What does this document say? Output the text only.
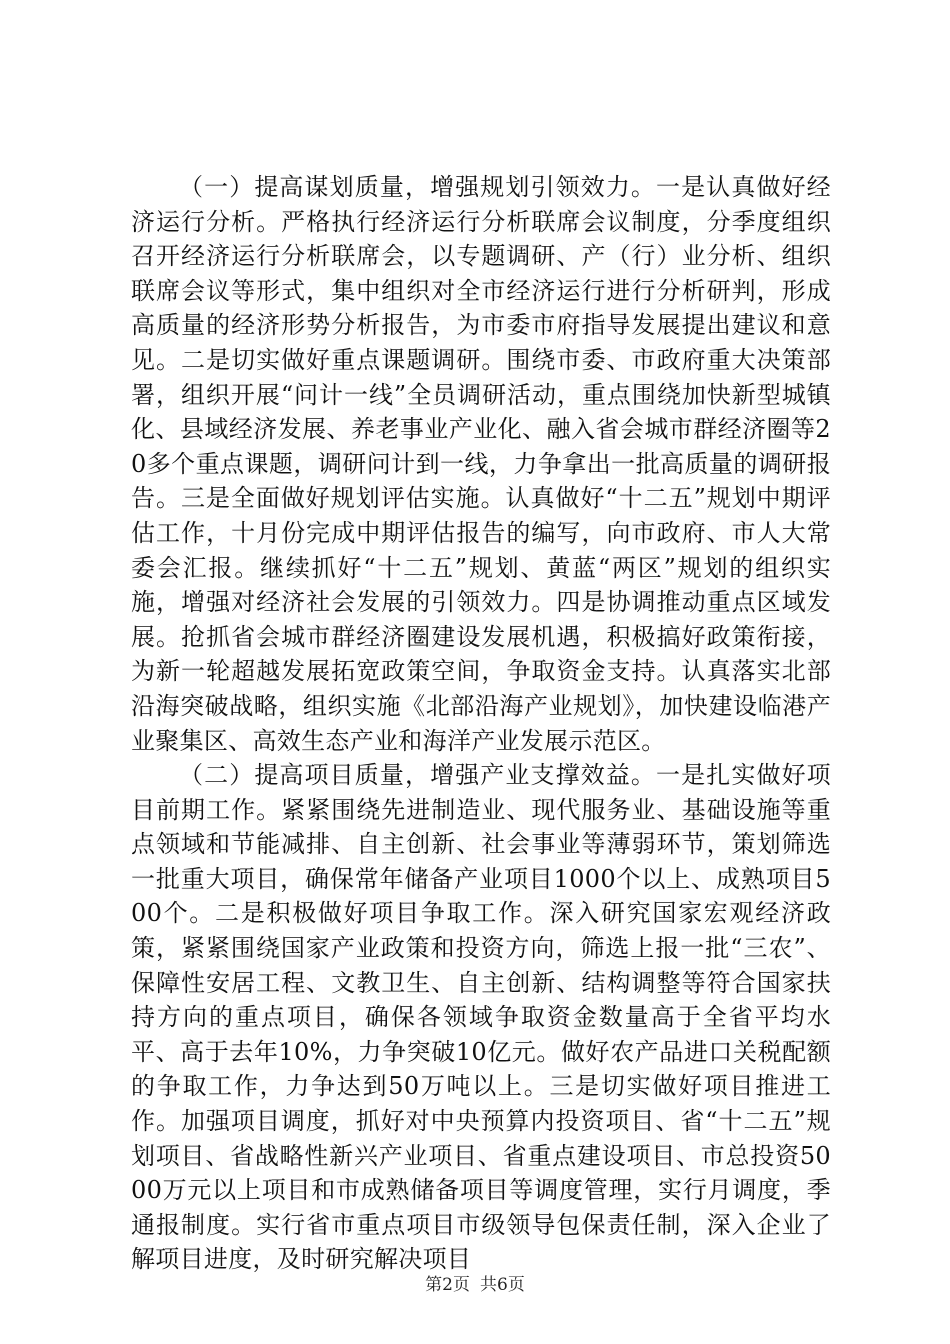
（一）提高谋划质量，增强规划引领效力。一是认真做好经济运行分析。严格执行经济运行分析联席会议制度，分季度组织召开经济运行分析联席会，以专题调研、产（行）业分析、组织联席会议等形式，集中组织对全市经济运行进行分析研判，形成高质量的经济形势分析报告，为市委市府指导发展提出建议和意见。二是切实做好重点课题调研。围绕市委、市政府重大决策部署，组织开展“问计一线”全员调研活动，重点围绕加快新型城镇化、县域经济发展、养老事业产业化、融入省会城市群经济圈等20多个重点课题，调研问计到一线，力争拿出一批高质量的调研报告。三是全面做好规划评估实施。认真做好“十二五”规划中期评估工作，十月份完成中期评估报告的编写，向市政府、市人大常委会汇报。继续抓好“十二五”规划、黄蓝“两区”规划的组织实施，增强对经济社会发展的引领效力。四是协调推动重点区域发展。抢抓省会城市群经济圈建设发展机遇，积极搞好政策衔接，为新一轮超越发展拓宽政策空间，争取资金支持。认真落实北部沿海突破战略，组织实施《北部沿海产业规划》，加快建设临港产业聚集区、高效生态产业和海洋产业发展示范区。

（二）提高项目质量，增强产业支撑效益。一是扎实做好项目前期工作。紧紧围绕先进制造业、现代服务业、基础设施等重点领域和节能减排、自主创新、社会事业等薄弱环节，策划筛选一批重大项目，确保常年储备产业项目1000个以上、成熟项目500个。二是积极做好项目争取工作。深入研究国家宏观经济政策，紧紧围绕国家产业政策和投资方向，筛选上报一批“三农”、保障性安居工程、文教卫生、自主创新、结构调整等符合国家扶持方向的重点项目，确保各领域争取资金数量高于全省平均水平、高于去年10%，力争突破10亿元。做好农产品进口关税配额的争取工作，力争达到50万吨以上。三是切实做好项目推进工作。加强项目调度，抓好对中央预算内投资项目、省“十二五”规划项目、省战略性新兴产业项目、省重点建设项目、市总投资5000万元以上项目和市成熟储备项目等调度管理，实行月调度，季通报制度。实行省市重点项目市级领导包保责任制，深入企业了解项目进度，及时研究解决项目

第2页 共6页
